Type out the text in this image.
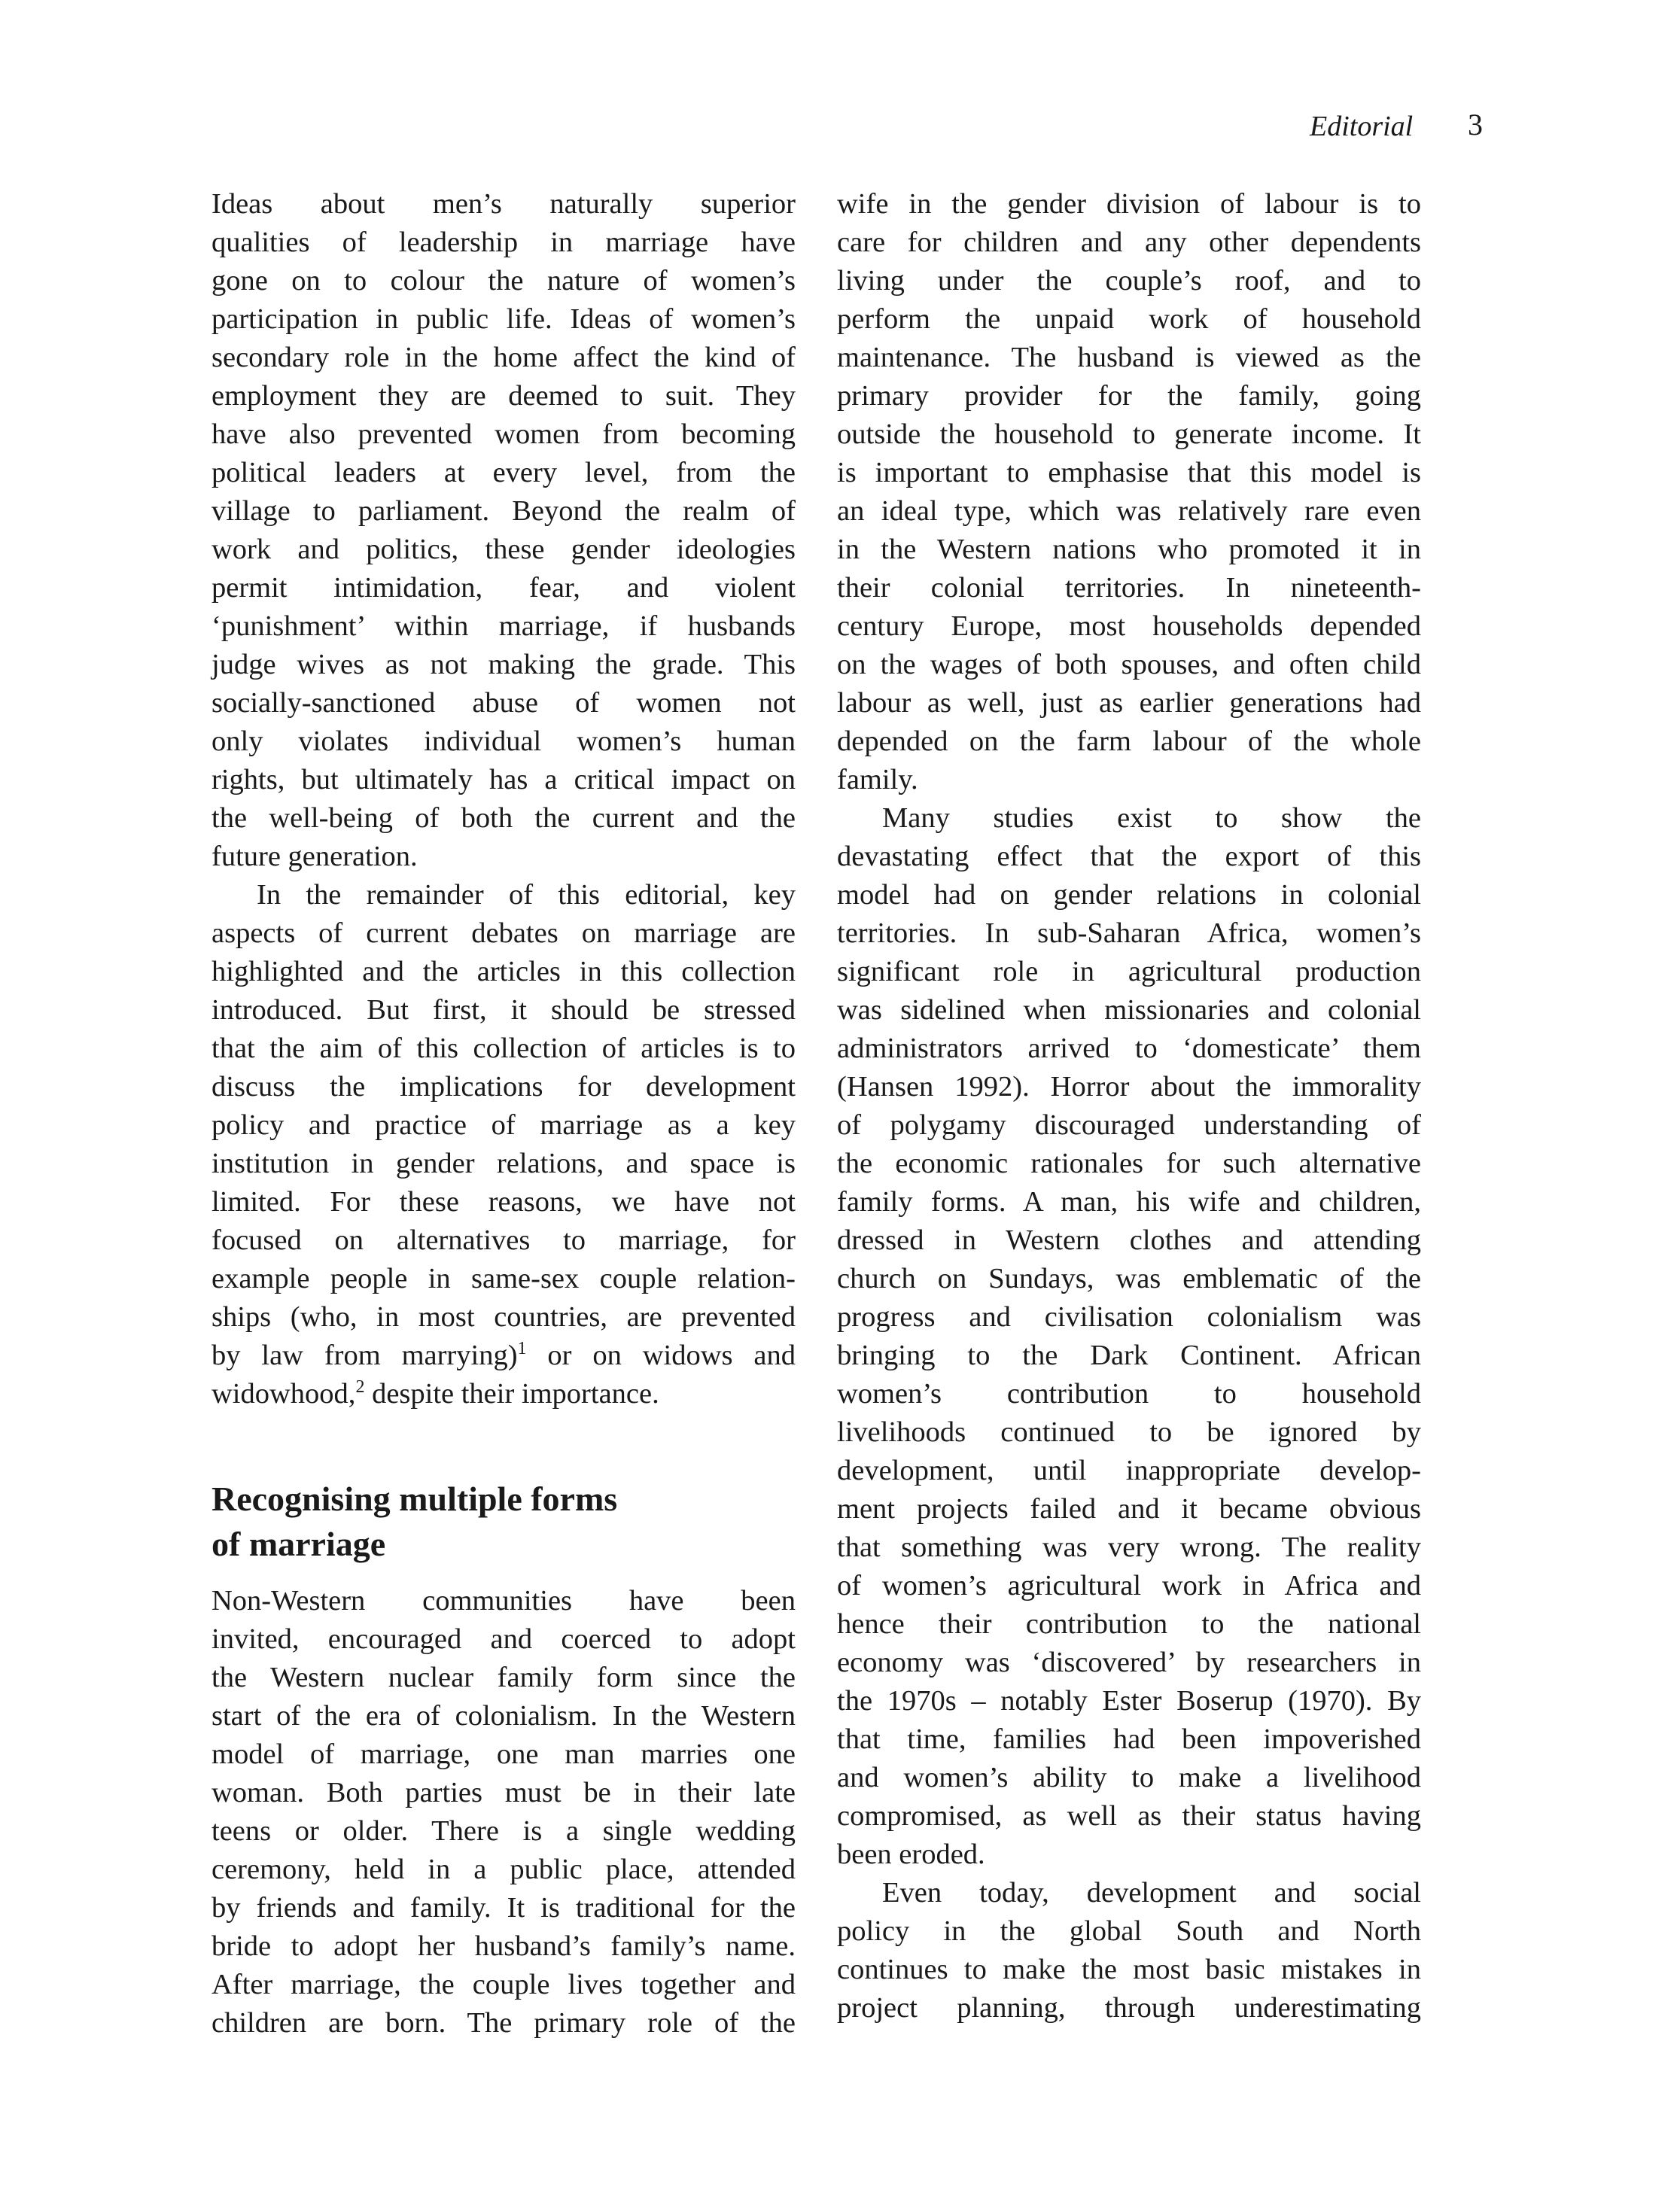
Editorial 3
Ideas about men’s naturally superior
qualities of leadership in marriage have
gone on to colour the nature of women’s
participation in public life. Ideas of women’s
secondary role in the home affect the kind of
employment they are deemed to suit. They
have also prevented women from becoming
political leaders at every level, from the
village to parliament. Beyond the realm of
work and politics, these gender ideologies
permit intimidation, fear, and violent
‘punishment’ within marriage, if husbands
judge wives as not making the grade. This
socially-sanctioned abuse of women not
only violates individual women’s human
rights, but ultimately has a critical impact on
the well-being of both the current and the
future generation.
In the remainder of this editorial, key
aspects of current debates on marriage are
highlighted and the articles in this collection
introduced. But first, it should be stressed
that the aim of this collection of articles is to
discuss the implications for development
policy and practice of marriage as a key
institution in gender relations, and space is
limited. For these reasons, we have not
focused on alternatives to marriage, for
example people in same-sex couple relation-
ships (who, in most countries, are prevented
by law from marrying)$^1$ or on widows and
widowhood,$^2$ despite their importance.
Recognising multiple forms
of marriage
Non-Western communities have been
invited, encouraged and coerced to adopt
the Western nuclear family form since the
start of the era of colonialism. In the Western
model of marriage, one man marries one
woman. Both parties must be in their late
teens or older. There is a single wedding
ceremony, held in a public place, attended
by friends and family. It is traditional for the
bride to adopt her husband’s family’s name.
After marriage, the couple lives together and
children are born. The primary role of the
wife in the gender division of labour is to
care for children and any other dependents
living under the couple’s roof, and to
perform the unpaid work of household
maintenance. The husband is viewed as the
primary provider for the family, going
outside the household to generate income. It
is important to emphasise that this model is
an ideal type, which was relatively rare even
in the Western nations who promoted it in
their colonial territories. In nineteenth-
century Europe, most households depended
on the wages of both spouses, and often child
labour as well, just as earlier generations had
depended on the farm labour of the whole
family.
Many studies exist to show the
devastating effect that the export of this
model had on gender relations in colonial
territories. In sub-Saharan Africa, women’s
significant role in agricultural production
was sidelined when missionaries and colonial
administrators arrived to ‘domesticate’ them
(Hansen 1992). Horror about the immorality
of polygamy discouraged understanding of
the economic rationales for such alternative
family forms. A man, his wife and children,
dressed in Western clothes and attending
church on Sundays, was emblematic of the
progress and civilisation colonialism was
bringing to the Dark Continent. African
women’s contribution to household
livelihoods continued to be ignored by
development, until inappropriate develop-
ment projects failed and it became obvious
that something was very wrong. The reality
of women’s agricultural work in Africa and
hence their contribution to the national
economy was ‘discovered’ by researchers in
the 1970s – notably Ester Boserup (1970). By
that time, families had been impoverished
and women’s ability to make a livelihood
compromised, as well as their status having
been eroded.
Even today, development and social
policy in the global South and North
continues to make the most basic mistakes in
project planning, through underestimating
